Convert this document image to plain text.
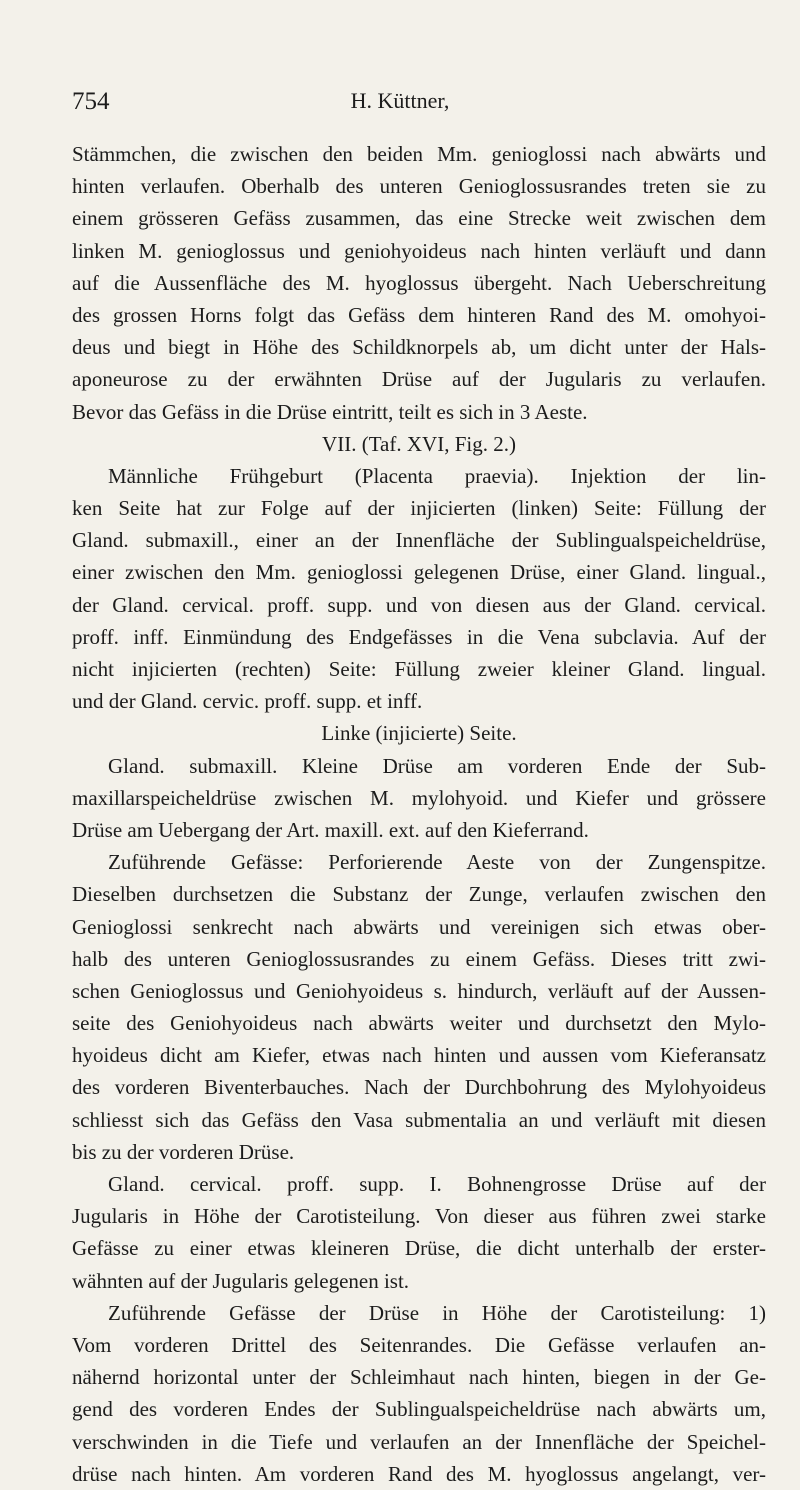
754	H. Küttner,
Stämmchen, die zwischen den beiden Mm. genioglossi nach abwärts und
hinten verlaufen. Oberhalb des unteren Genioglossusrandes treten sie zu
einem grösseren Gefäss zusammen, das eine Strecke weit zwischen dem
linken M. genioglossus und geniohyoideus nach hinten verläuft und dann
auf die Aussenfläche des M. hyoglossus übergeht. Nach Ueberschreitung
des grossen Horns folgt das Gefäss dem hinteren Rand des M. omohyoi-
deus und biegt in Höhe des Schildknorpels ab, um dicht unter der Hals-
aponeurose zu der erwähnten Drüse auf der Jugularis zu verlaufen.
Bevor das Gefäss in die Drüse eintritt, teilt es sich in 3 Aeste.
VII. (Taf. XVI, Fig. 2.)
Männliche Frühgeburt (Placenta praevia). Injektion der lin-
ken Seite hat zur Folge auf der injicierten (linken) Seite: Füllung der
Gland. submaxill., einer an der Innenfläche der Sublingualspeicheldrüse,
einer zwischen den Mm. genioglossi gelegenen Drüse, einer Gland. lingual.,
der Gland. cervical. proff. supp. und von diesen aus der Gland. cervical.
proff. inff. Einmündung des Endgefässes in die Vena subclavia. Auf der
nicht injicierten (rechten) Seite: Füllung zweier kleiner Gland. lingual.
und der Gland. cervic. proff. supp. et inff.
Linke (injicierte) Seite.
Gland. submaxill. Kleine Drüse am vorderen Ende der Sub-
maxillarspeicheldrüse zwischen M. mylohyoid. und Kiefer und grössere
Drüse am Uebergang der Art. maxill. ext. auf den Kieferrand.
Zuführende Gefässe: Perforierende Aeste von der Zungenspitze.
Dieselben durchsetzen die Substanz der Zunge, verlaufen zwischen den
Genioglossi senkrecht nach abwärts und vereinigen sich etwas ober-
halb des unteren Genioglossusrandes zu einem Gefäss. Dieses tritt zwi-
schen Genioglossus und Geniohyoideus s. hindurch, verläuft auf der Aussen-
seite des Geniohyoideus nach abwärts weiter und durchsetzt den Mylo-
hyoideus dicht am Kiefer, etwas nach hinten und aussen vom Kieferansatz
des vorderen Biventerbauches. Nach der Durchbohrung des Mylohyoideus
schliesst sich das Gefäss den Vasa submentalia an und verläuft mit diesen
bis zu der vorderen Drüse.
Gland. cervical. proff. supp. I. Bohnengrosse Drüse auf der
Jugularis in Höhe der Carotisteilung. Von dieser aus führen zwei starke
Gefässe zu einer etwas kleineren Drüse, die dicht unterhalb der erster-
wähnten auf der Jugularis gelegenen ist.
Zuführende Gefässe der Drüse in Höhe der Carotisteilung: 1)
Vom vorderen Drittel des Seitenrandes. Die Gefässe verlaufen an-
nähernd horizontal unter der Schleimhaut nach hinten, biegen in der Ge-
gend des vorderen Endes der Sublingualspeicheldrüse nach abwärts um,
verschwinden in die Tiefe und verlaufen an der Innenfläche der Speichel-
drüse nach hinten. Am vorderen Rand des M. hyoglossus angelangt, ver-
